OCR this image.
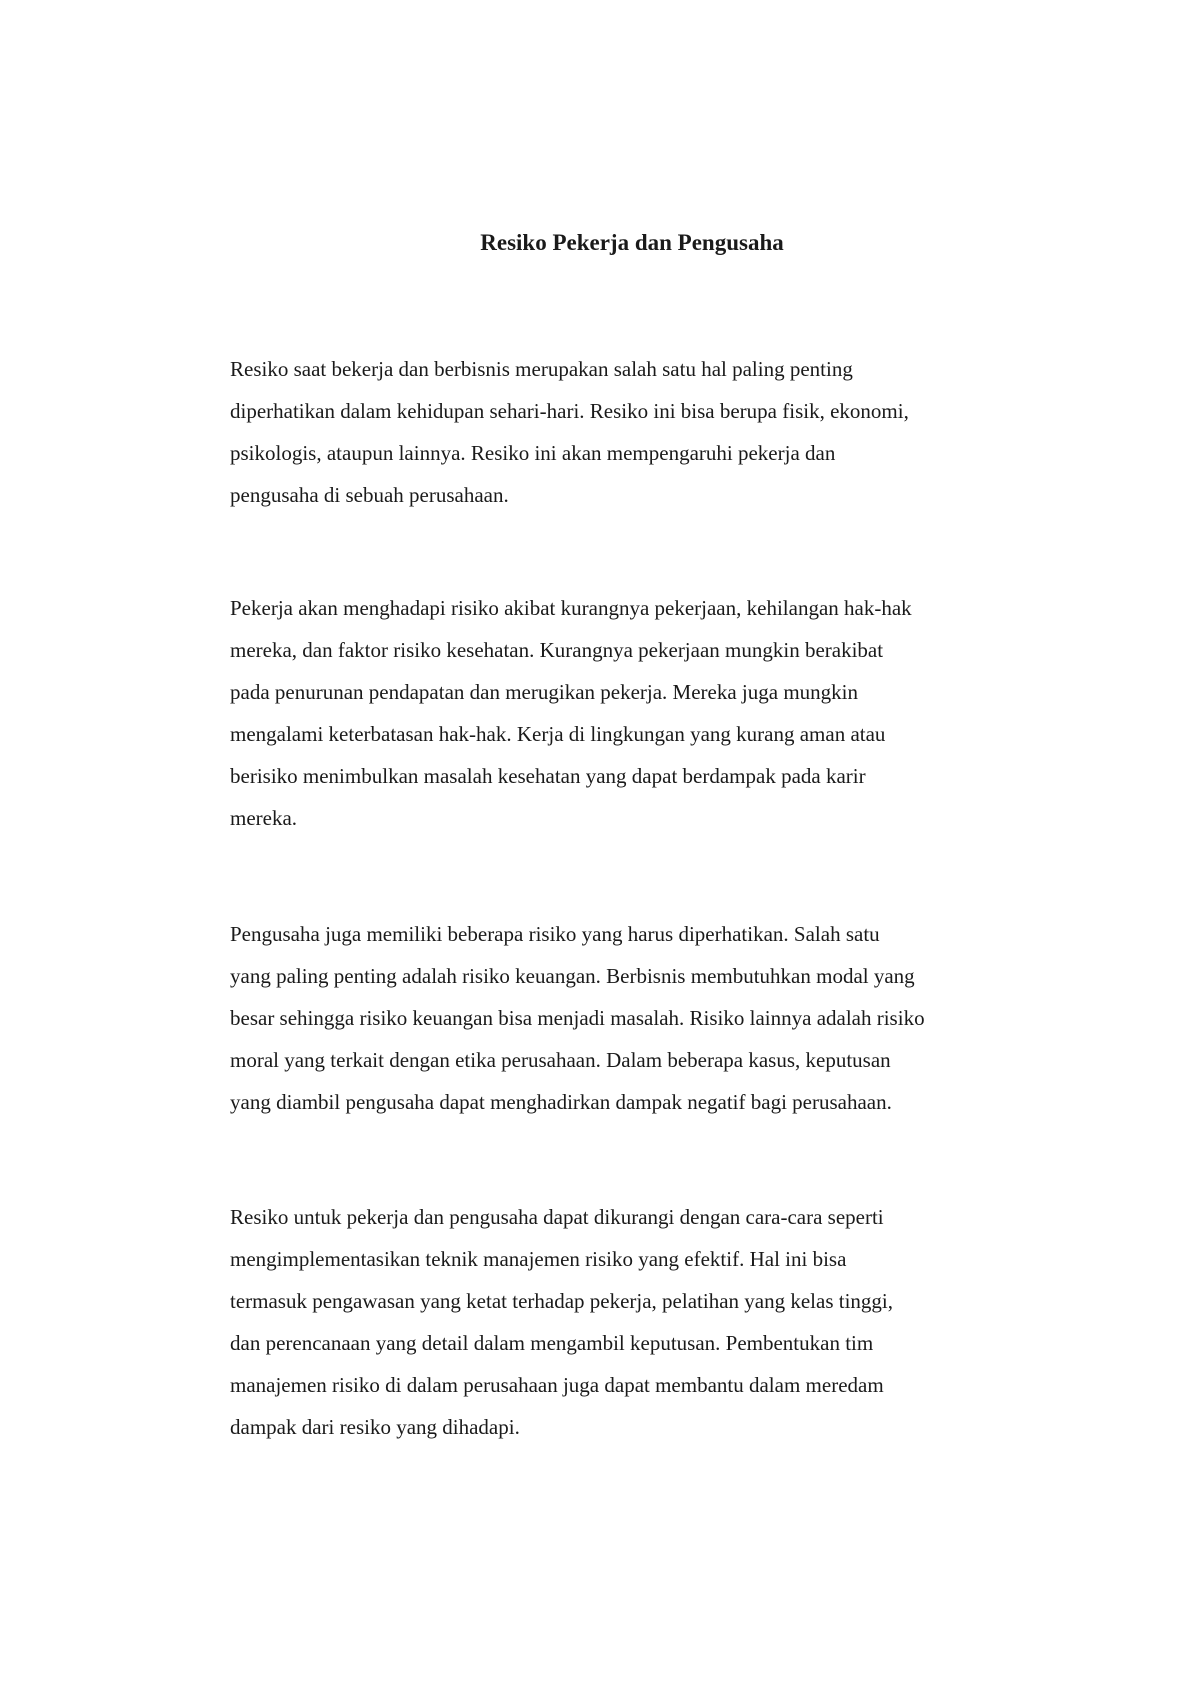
Resiko Pekerja dan Pengusaha

Resiko saat bekerja dan berbisnis merupakan salah satu hal paling penting
diperhatikan dalam kehidupan sehari-hari. Resiko ini bisa berupa fisik, ekonomi,
psikologis, ataupun lainnya. Resiko ini akan mempengaruhi pekerja dan
pengusaha di sebuah perusahaan.

Pekerja akan menghadapi risiko akibat kurangnya pekerjaan, kehilangan hak-hak
mereka, dan faktor risiko kesehatan. Kurangnya pekerjaan mungkin berakibat
pada penurunan pendapatan dan merugikan pekerja. Mereka juga mungkin
mengalami keterbatasan hak-hak. Kerja di lingkungan yang kurang aman atau
berisiko menimbulkan masalah kesehatan yang dapat berdampak pada karir
mereka.

Pengusaha juga memiliki beberapa risiko yang harus diperhatikan. Salah satu
yang paling penting adalah risiko keuangan. Berbisnis membutuhkan modal yang
besar sehingga risiko keuangan bisa menjadi masalah. Risiko lainnya adalah risiko
moral yang terkait dengan etika perusahaan. Dalam beberapa kasus, keputusan
yang diambil pengusaha dapat menghadirkan dampak negatif bagi perusahaan.

Resiko untuk pekerja dan pengusaha dapat dikurangi dengan cara-cara seperti
mengimplementasikan teknik manajemen risiko yang efektif. Hal ini bisa
termasuk pengawasan yang ketat terhadap pekerja, pelatihan yang kelas tinggi,
dan perencanaan yang detail dalam mengambil keputusan. Pembentukan tim
manajemen risiko di dalam perusahaan juga dapat membantu dalam meredam
dampak dari resiko yang dihadapi.
